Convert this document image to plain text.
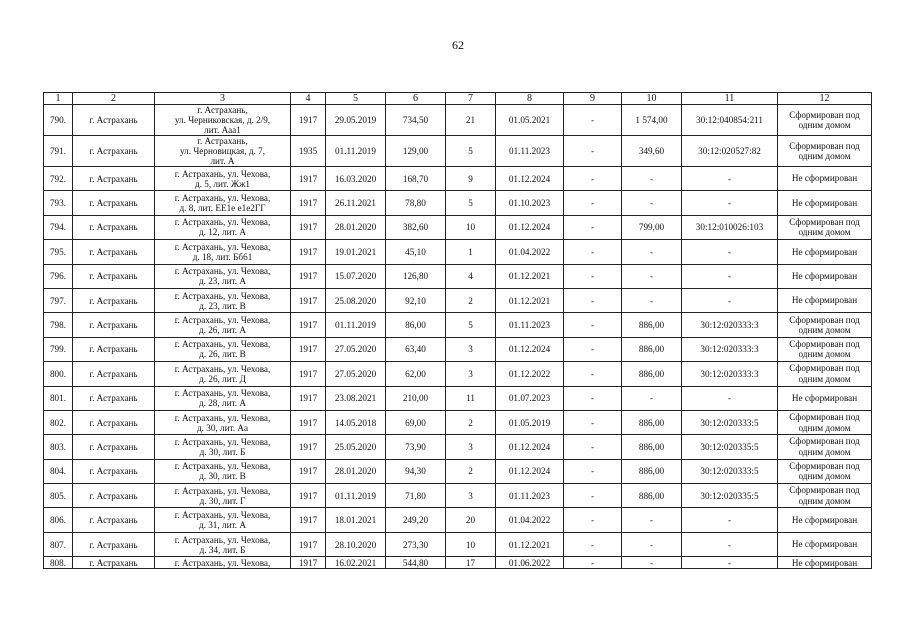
62
1	2	3	4	5	6	7	8	9	10	11	12
790.	г. Астрахань	г. Астрахань,
ул. Черниковская, д. 2/9,
лит. Ааа1	1917	29.05.2019	734,50	21	01.05.2021	-	1 574,00	30:12:040854:211	Сформирован под
одним домом
791.	г. Астрахань	г. Астрахань,
ул. Черновицкая, д. 7,
лит. А	1935	01.11.2019	129,00	5	01.11.2023	-	349,60	30:12:020527:82	Сформирован под
одним домом
792.	г. Астрахань	г. Астрахань, ул. Чехова,
д. 5, лит. Жж1	1917	16.03.2020	168,70	9	01.12.2024	-	-	-	Не сформирован
793.	г. Астрахань	г. Астрахань, ул. Чехова,
д. 8, лит. ЕЕ1е е1е2ГГ	1917	26.11.2021	78,80	5	01.10.2023	-	-	-	Не сформирован
794.	г. Астрахань	г. Астрахань, ул. Чехова,
д. 12, лит. А	1917	28.01.2020	382,60	10	01.12.2024	-	799,00	30:12:010026:103	Сформирован под
одним домом
795.	г. Астрахань	г. Астрахань, ул. Чехова,
д. 18, лит. Бб61	1917	19.01.2021	45,10	1	01.04.2022	-	-	-	Не сформирован
796.	г. Астрахань	г. Астрахань, ул. Чехова,
д. 23, лит. А	1917	15.07.2020	126,80	4	01.12.2021	-	-	-	Не сформирован
797.	г. Астрахань	г. Астрахань, ул. Чехова,
д. 23, лит. В	1917	25.08.2020	92,10	2	01.12.2021	-	-	-	Не сформирован
798.	г. Астрахань	г. Астрахань, ул. Чехова,
д. 26, лит. А	1917	01.11.2019	86,00	5	01.11.2023	-	886,00	30:12:020333:3	Сформирован под
одним домом
799.	г. Астрахань	г. Астрахань, ул. Чехова,
д. 26, лит. В	1917	27.05.2020	63,40	3	01.12.2024	-	886,00	30:12:020333:3	Сформирован под
одним домом
800.	г. Астрахань	г. Астрахань, ул. Чехова,
д. 26, лит. Д	1917	27.05.2020	62,00	3	01.12.2022	-	886,00	30:12:020333:3	Сформирован под
одним домом
801.	г. Астрахань	г. Астрахань, ул. Чехова,
д. 28, лит. А	1917	23.08.2021	210,00	11	01.07.2023	-	-	-	Не сформирован
802.	г. Астрахань	г. Астрахань, ул. Чехова,
д. 30, лит. Аа	1917	14.05.2018	69,00	2	01.05.2019	-	886,00	30:12:020333:5	Сформирован под
одним домом
803.	г. Астрахань	г. Астрахань, ул. Чехова,
д. 30, лит. Б	1917	25.05.2020	73,90	3	01.12.2024	-	886,00	30:12:020335:5	Сформирован под
одним домом
804.	г. Астрахань	г. Астрахань, ул. Чехова,
д. 30, лит. В	1917	28.01.2020	94,30	2	01.12.2024	-	886,00	30:12:020333:5	Сформирован под
одним домом
805.	г. Астрахань	г. Астрахань, ул. Чехова,
д. 30, лит. Г	1917	01.11.2019	71,80	3	01.11.2023	-	886,00	30:12:020335:5	Сформирован под
одним домом
806.	г. Астрахань	г. Астрахань, ул. Чехова,
д. 31, лит. А	1917	18.01.2021	249,20	20	01.04.2022	-	-	-	Не сформирован
807.	г. Астрахань	г. Астрахань, ул. Чехова,
д. 34, лит. Б	1917	28.10.2020	273,30	10	01.12.2021	-	-	-	Не сформирован
808.	г. Астрахань	г. Астрахань, ул. Чехова,	1917	16.02.2021	544,80	17	01.06.2022	-	-	-	Не сформирован
